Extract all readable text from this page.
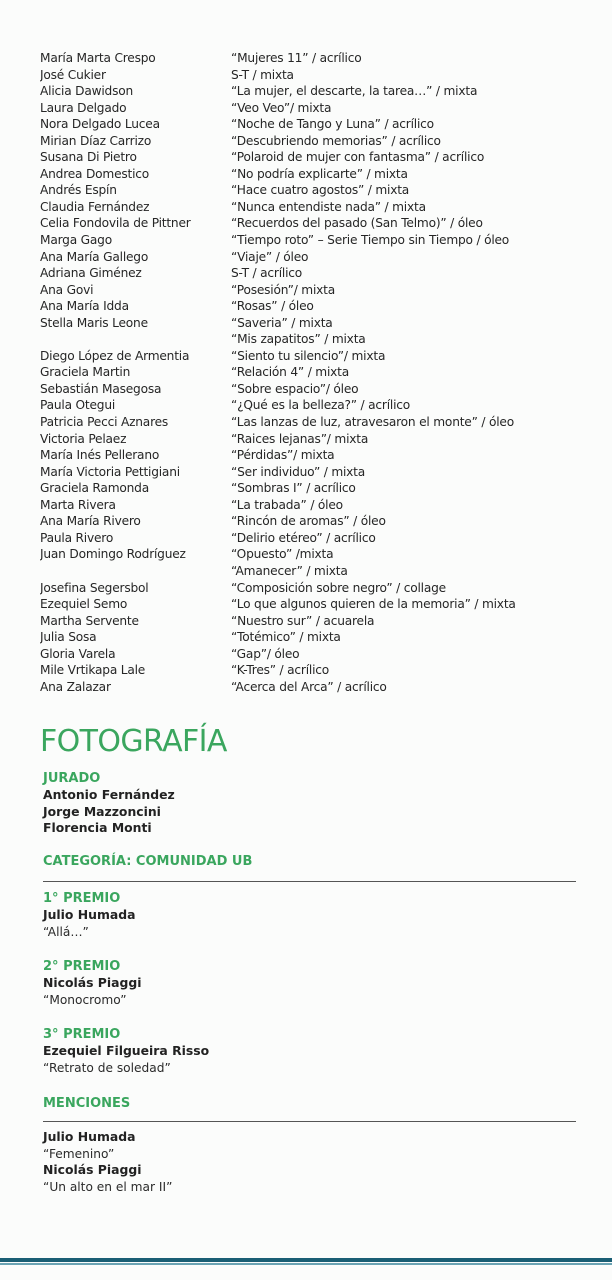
María Marta Crespo	“Mujeres 11” / acrílico
José Cukier	S-T / mixta
Alicia Dawidson	“La mujer, el descarte, la tarea…” / mixta
Laura Delgado	“Veo Veo”/ mixta
Nora Delgado Lucea	“Noche de Tango y Luna” / acrílico
Mirian Díaz Carrizo	“Descubriendo memorias” / acrílico
Susana Di Pietro	“Polaroid de mujer con fantasma” / acrílico
Andrea Domestico	“No podría explicarte” / mixta
Andrés Espín	“Hace cuatro agostos” / mixta
Claudia Fernández	“Nunca entendiste nada” / mixta
Celia Fondovila de Pittner	“Recuerdos del pasado (San Telmo)” / óleo
Marga Gago	“Tiempo roto” – Serie Tiempo sin Tiempo / óleo
Ana María Gallego	“Viaje” / óleo
Adriana Giménez	S-T / acrílico
Ana Govi	“Posesión”/ mixta
Ana María Idda	“Rosas” / óleo
Stella Maris Leone	“Saveria” / mixta
“Mis zapatitos” / mixta
Diego López de Armentia	“Siento tu silencio”/ mixta
Graciela Martin	“Relación 4” / mixta
Sebastián Masegosa	“Sobre espacio”/ óleo
Paula Otegui	“¿Qué es la belleza?” / acrílico
Patricia Pecci Aznares	“Las lanzas de luz, atravesaron el monte” / óleo
Victoria Pelaez	“Raices lejanas”/ mixta
María Inés Pellerano	“Pérdidas”/ mixta
María Victoria Pettigiani	“Ser individuo” / mixta
Graciela Ramonda	“Sombras I” / acrílico
Marta Rivera	“La trabada” / óleo
Ana María Rivero	“Rincón de aromas” / óleo
Paula Rivero	“Delirio etéreo” / acrílico
Juan Domingo Rodríguez	“Opuesto” /mixta
“Amanecer” / mixta
Josefina Segersbol	“Composición sobre negro” / collage
Ezequiel Semo	“Lo que algunos quieren de la memoria” / mixta
Martha Servente	“Nuestro sur” / acuarela
Julia Sosa	“Totémico” / mixta
Gloria Varela	“Gap”/ óleo
Mile Vrtikapa Lale	“K-Tres” / acrílico
Ana Zalazar	“Acerca del Arca” / acrílico
FOTOGRAFÍA

JURADO

Antonio Fernández

Jorge Mazzoncini

Florencia Monti

CATEGORÍA: COMUNIDAD UB

1° PREMIO

Julio Humada

“Allá…”

2° PREMIO

Nicolás Piaggi

“Monocromo”

3° PREMIO

Ezequiel Filgueira Risso

“Retrato de soledad”

MENCIONES

Julio Humada

“Femenino”

Nicolás Piaggi

“Un alto en el mar II”
